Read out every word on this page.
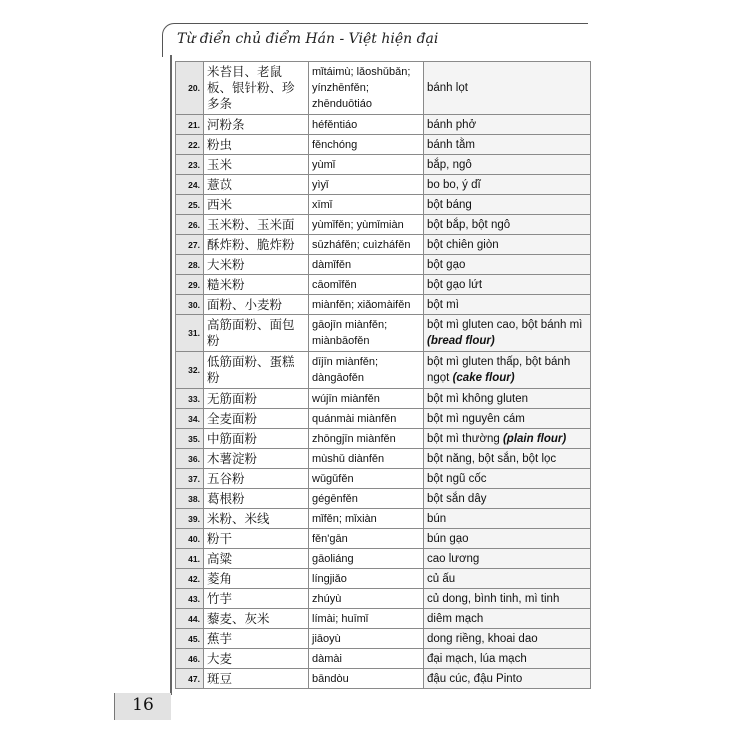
Từ điển chủ điểm Hán - Việt hiện đại
20.	米苔目、老鼠板、银针粉、珍多条	mǐtáimù; lǎoshǔbǎn; yínzhēnfěn; zhēnduōtiáo	bánh lọt
21.	河粉条	héfěntiáo	bánh phở
22.	粉虫	fěnchóng	bánh tằm
23.	玉米	yùmǐ	bắp, ngô
24.	薏苡	yìyǐ	bo bo, ý dĩ
25.	西米	xīmǐ	bột báng
26.	玉米粉、玉米面	yùmǐfěn; yùmǐmiàn	bột bắp, bột ngô
27.	酥炸粉、脆炸粉	sūzháfěn; cuìzháfěn	bột chiên giòn
28.	大米粉	dàmǐfěn	bột gạo
29.	糙米粉	cāomǐfěn	bột gạo lứt
30.	面粉、小麦粉	miànfěn; xiǎomàifěn	bột mì
31.	高筋面粉、面包粉	gāojīn miànfěn; miànbāofěn	bột mì gluten cao, bột bánh mì (bread flour)
32.	低筋面粉、蛋糕粉	dījīn miànfěn; dàngāofěn	bột mì gluten thấp, bột bánh ngọt (cake flour)
33.	无筋面粉	wújīn miànfěn	bột mì không gluten
34.	全麦面粉	quánmài miànfěn	bột mì nguyên cám
35.	中筋面粉	zhōngjīn miànfěn	bột mì thường (plain flour)
36.	木薯淀粉	mùshǔ diànfěn	bột năng, bột sắn, bột lọc
37.	五谷粉	wǔgǔfěn	bột ngũ cốc
38.	葛根粉	gégēnfěn	bột sắn dây
39.	米粉、米线	mǐfěn; mǐxiàn	bún
40.	粉干	fěn'gān	bún gạo
41.	高粱	gāoliáng	cao lương
42.	菱角	língjiǎo	củ ấu
43.	竹芋	zhúyù	củ dong, bình tinh, mì tinh
44.	藜麦、灰米	límài; huīmǐ	diêm mạch
45.	蕉芋	jiāoyù	dong riềng, khoai dao
46.	大麦	dàmài	đại mạch, lúa mạch
47.	斑豆	bāndòu	đậu cúc, đậu Pinto
16
